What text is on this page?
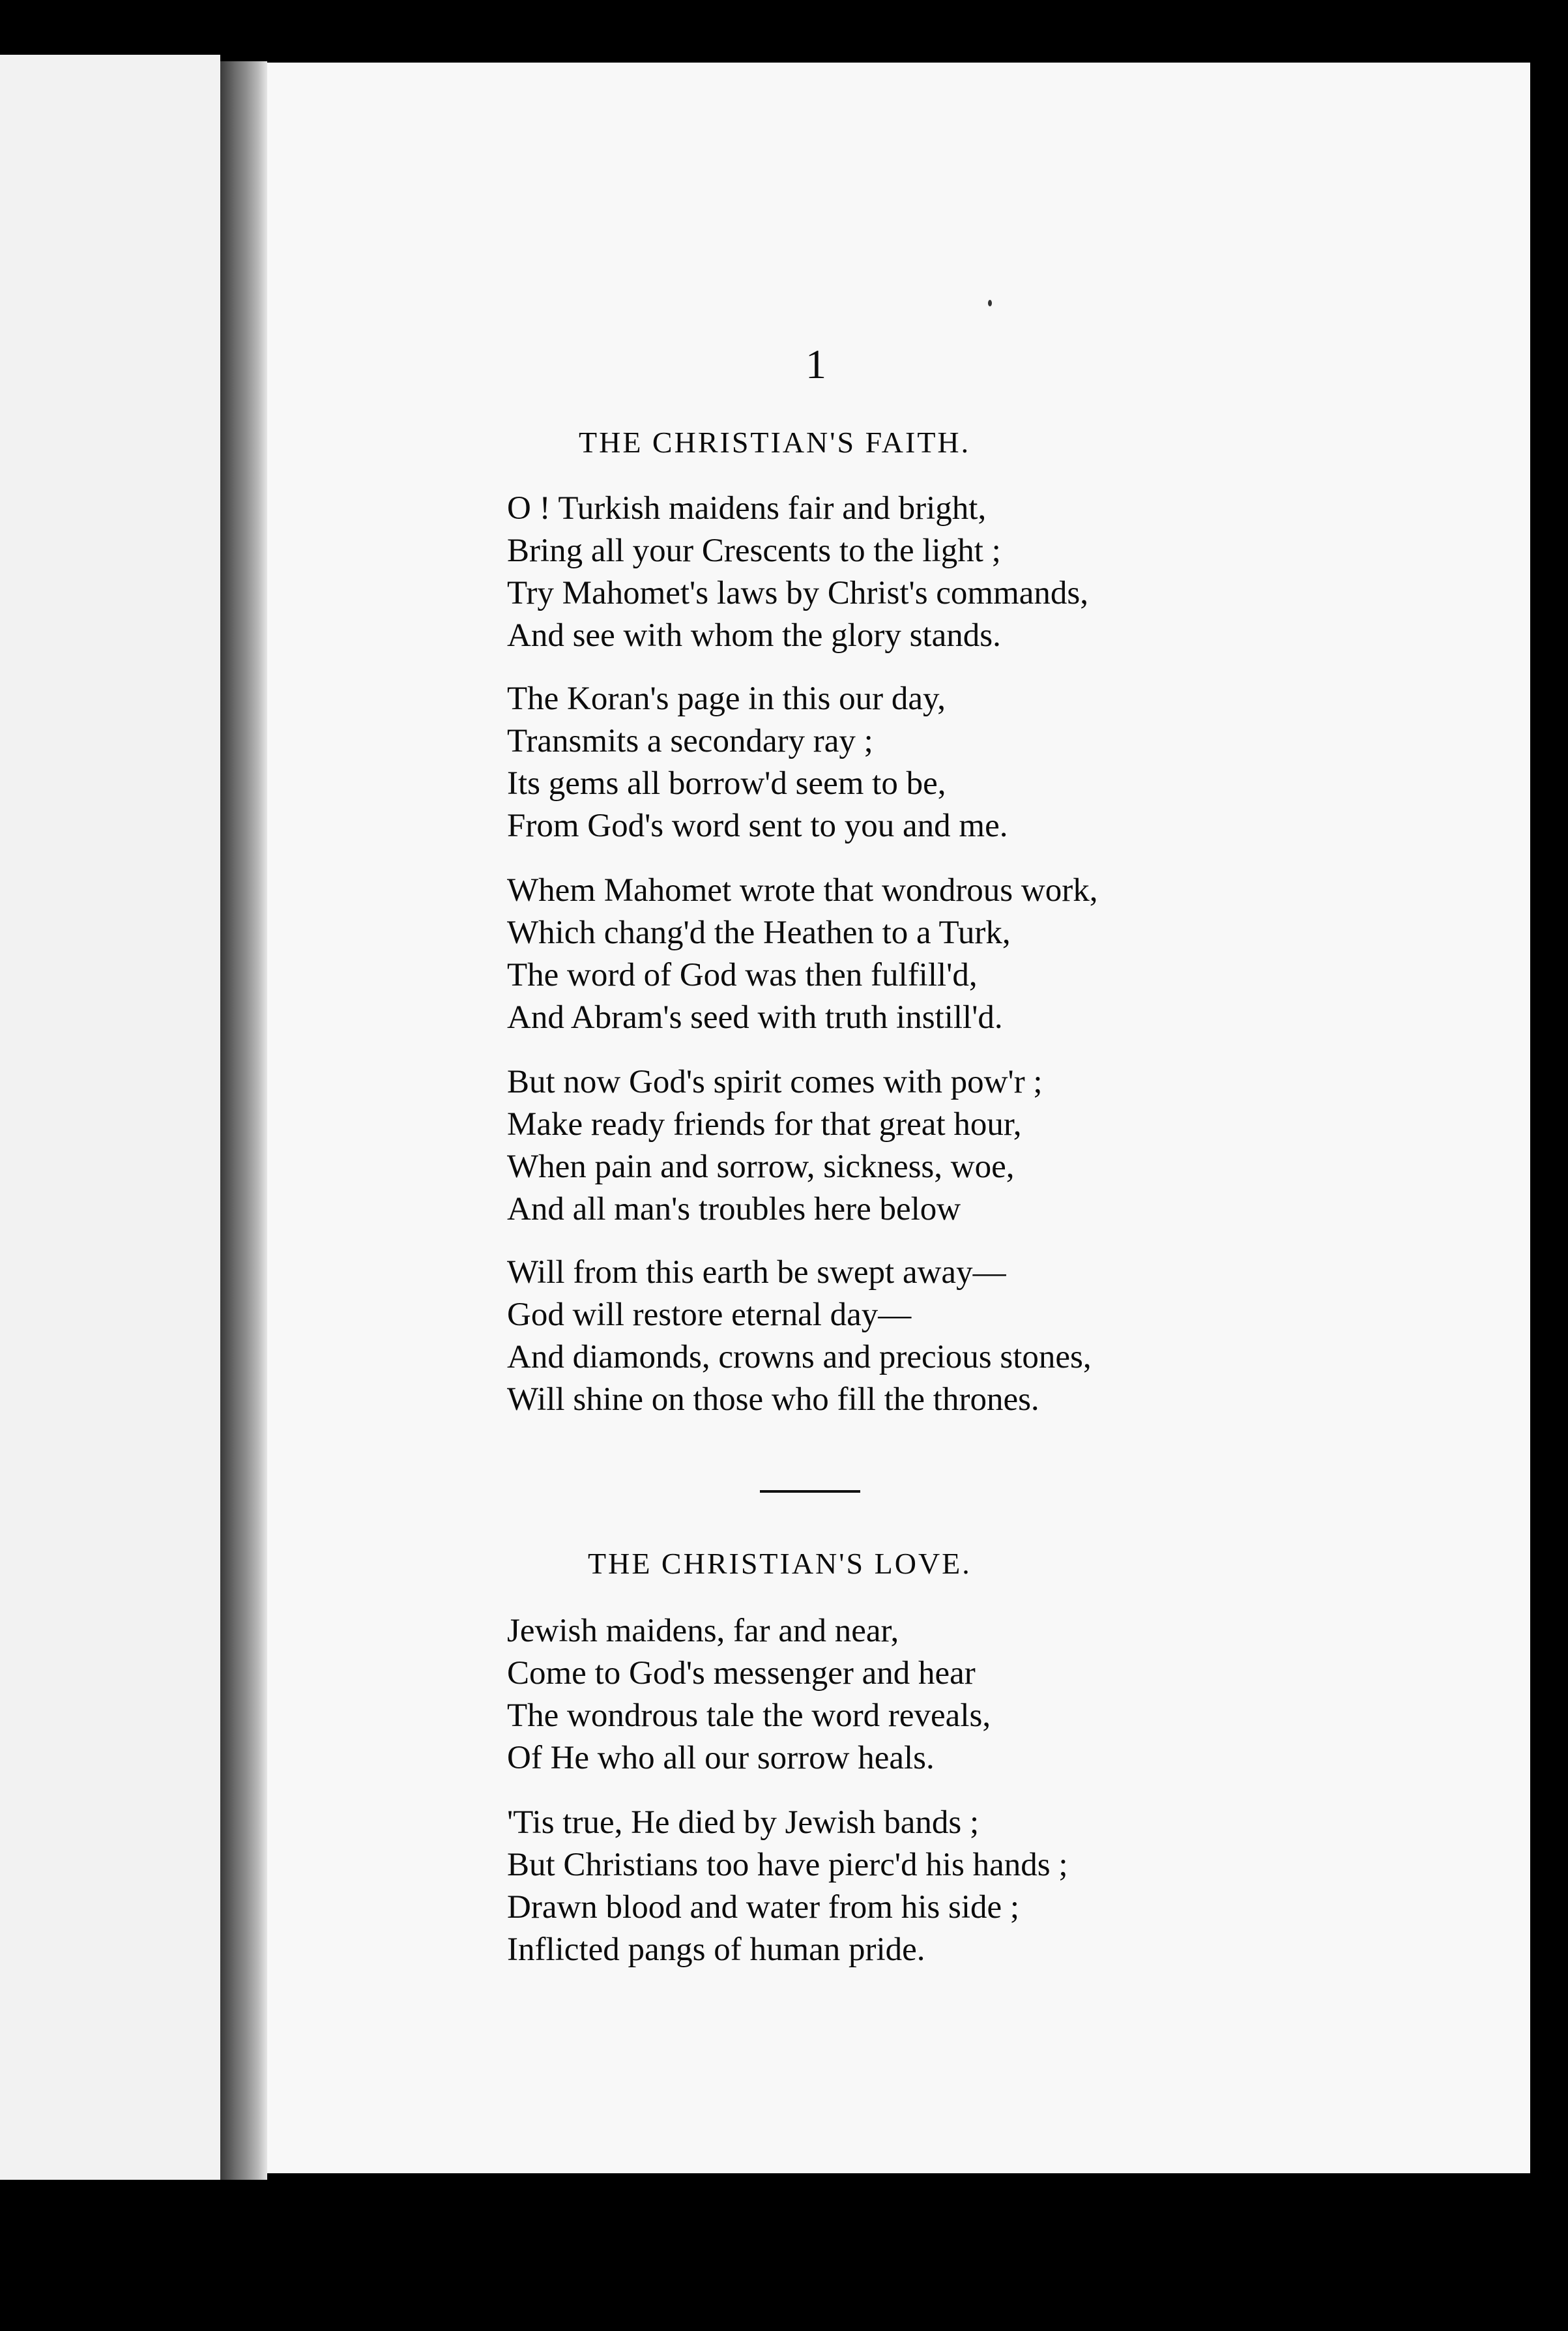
1
THE CHRISTIAN'S FAITH.
O ! Turkish maidens fair and bright,
Bring all your Crescents to the light ;
Try Mahomet's laws by Christ's commands,
And see with whom the glory stands.
The Koran's page in this our day,
Transmits a secondary ray ;
Its gems all borrow'd seem to be,
From God's word sent to you and me.
Whem Mahomet wrote that wondrous work,
Which chang'd the Heathen to a Turk,
The word of God was then fulfill'd,
And Abram's seed with truth instill'd.
But now God's spirit comes with pow'r ;
Make ready friends for that great hour,
When pain and sorrow, sickness, woe,
And all man's troubles here below
Will from this earth be swept away—
God will restore eternal day—
And diamonds, crowns and precious stones,
Will shine on those who fill the thrones.
THE CHRISTIAN'S LOVE.
Jewish maidens, far and near,
Come to God's messenger and hear
The wondrous tale the word reveals,
Of He who all our sorrow heals.
'Tis true, He died by Jewish bands ;
But Christians too have pierc'd his hands ;
Drawn blood and water from his side ;
Inflicted pangs of human pride.
